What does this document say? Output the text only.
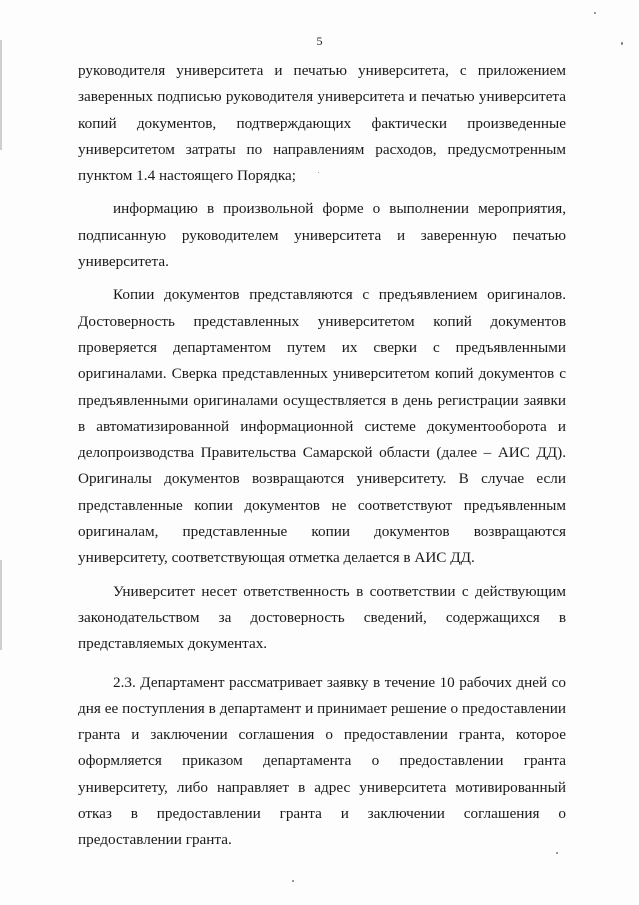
5

руководителя университета и печатью университета, с приложением заверенных подписью руководителя университета и печатью университета копий документов, подтверждающих фактически произведенные университетом затраты по направлениям расходов, предусмотренным пунктом 1.4 настоящего Порядка;

информацию в произвольной форме о выполнении мероприятия, подписанную руководителем университета и заверенную печатью университета.

Копии документов представляются с предъявлением оригиналов. Достоверность представленных университетом копий документов проверяется департаментом путем их сверки с предъявленными оригиналами. Сверка представленных университетом копий документов с предъявленными оригиналами осуществляется в день регистрации заявки в автоматизированной информационной системе документооборота и делопроизводства Правительства Самарской области (далее – АИС ДД). Оригиналы документов возвращаются университету. В случае если представленные копии документов не соответствуют предъявленным оригиналам, представленные копии документов возвращаются университету, соответствующая отметка делается в АИС ДД.

Университет несет ответственность в соответствии с действующим законодательством за достоверность сведений, содержащихся в представляемых документах.

2.3. Департамент рассматривает заявку в течение 10 рабочих дней со дня ее поступления в департамент и принимает решение о предоставлении гранта и заключении соглашения о предоставлении гранта, которое оформляется приказом департамента о предоставлении гранта университету, либо направляет в адрес университета мотивированный отказ в предоставлении гранта и заключении соглашения о предоставлении гранта.
